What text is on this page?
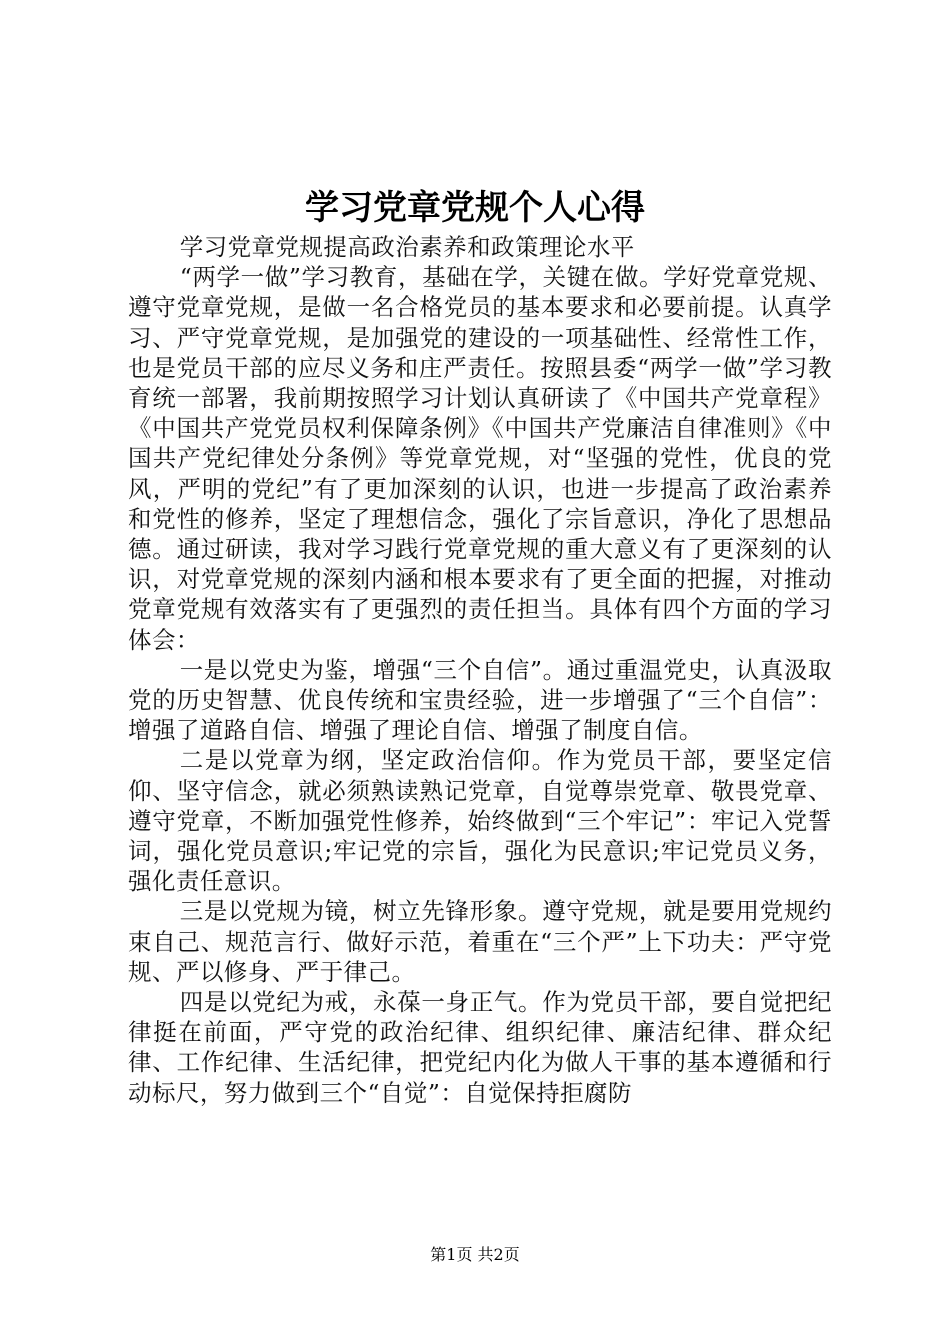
学习党章党规个人心得

学习党章党规提高政治素养和政策理论水平

“两学一做”学习教育，基础在学，关键在做。学好党章党规、遵守党章党规，是做一名合格党员的基本要求和必要前提。认真学习、严守党章党规，是加强党的建设的一项基础性、经常性工作，也是党员干部的应尽义务和庄严责任。按照县委“两学一做”学习教育统一部署，我前期按照学习计划认真研读了《中国共产党章程》《中国共产党党员权利保障条例》《中国共产党廉洁自律准则》《中国共产党纪律处分条例》等党章党规，对“坚强的党性，优良的党风，严明的党纪”有了更加深刻的认识，也进一步提高了政治素养和党性的修养，坚定了理想信念，强化了宗旨意识，净化了思想品德。通过研读，我对学习践行党章党规的重大意义有了更深刻的认识，对党章党规的深刻内涵和根本要求有了更全面的把握，对推动党章党规有效落实有了更强烈的责任担当。具体有四个方面的学习体会：

一是以党史为鉴，增强“三个自信”。通过重温党史，认真汲取党的历史智慧、优良传统和宝贵经验，进一步增强了“三个自信”：增强了道路自信、增强了理论自信、增强了制度自信。

二是以党章为纲，坚定政治信仰。作为党员干部，要坚定信仰、坚守信念，就必须熟读熟记党章，自觉尊崇党章、敬畏党章、遵守党章，不断加强党性修养，始终做到“三个牢记”：牢记入党誓词，强化党员意识;牢记党的宗旨，强化为民意识;牢记党员义务，强化责任意识。

三是以党规为镜，树立先锋形象。遵守党规，就是要用党规约束自己、规范言行、做好示范，着重在“三个严”上下功夫：严守党规、严以修身、严于律己。

四是以党纪为戒，永葆一身正气。作为党员干部，要自觉把纪律挺在前面，严守党的政治纪律、组织纪律、廉洁纪律、群众纪律、工作纪律、生活纪律，把党纪内化为做人干事的基本遵循和行动标尺，努力做到三个“自觉”：自觉保持拒腐防

第1页 共2页
